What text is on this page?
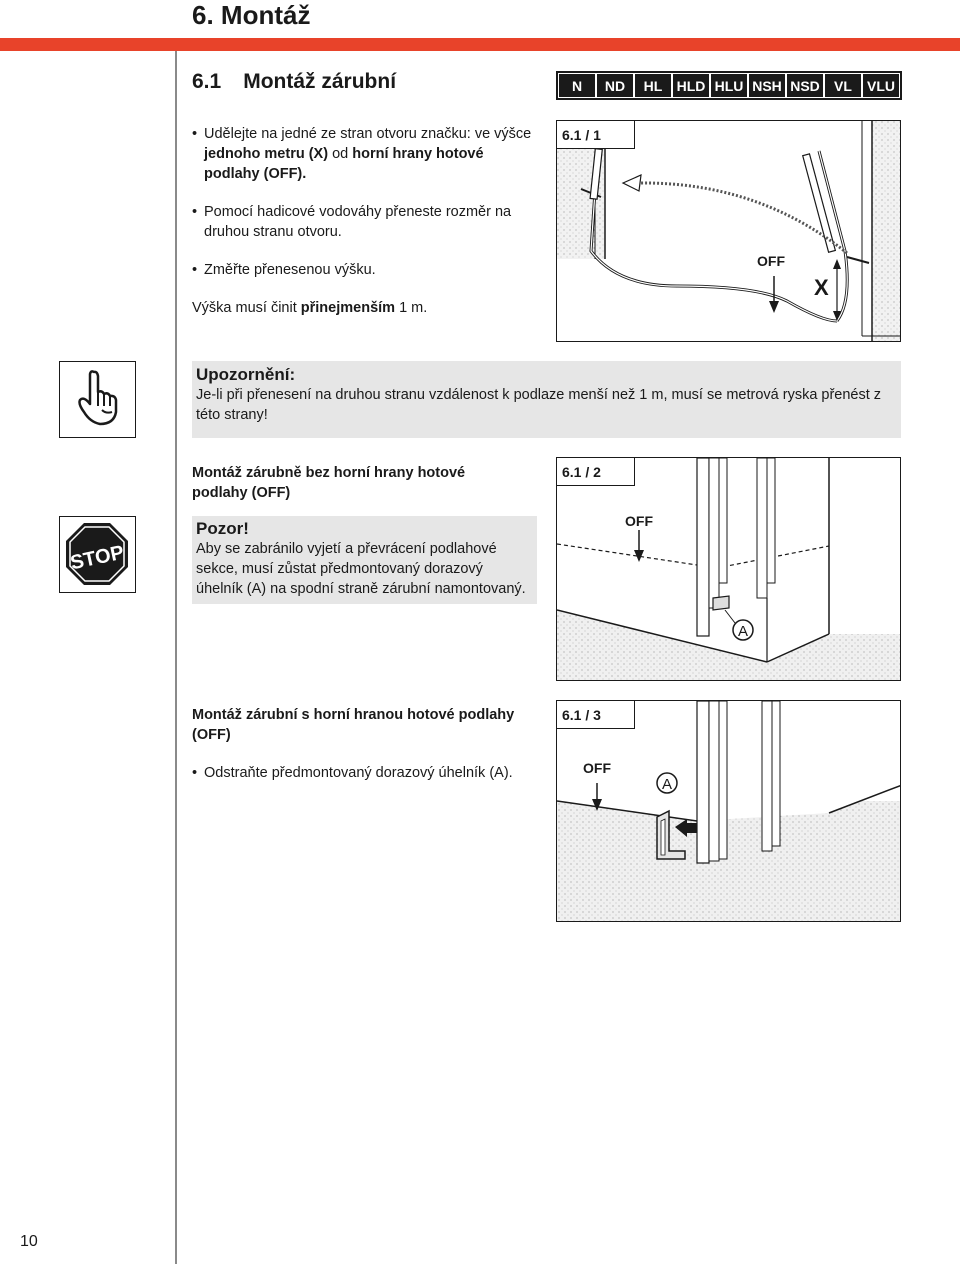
6. Montáž
6.1 Montáž zárubní	N	ND	HL	HLD HLU NSH NSD	VL	VLU
• Udělejte na jedné ze stran otvoru značku: ve výšce jednoho metru (X) od horní hrany hotové podlahy (OFF).
• Pomocí hadicové vodováhy přeneste rozměr na druhou stranu otvoru.
• Změřte přenesenou výšku.
Výška musí činit přinejmenším 1 m.
6.1 / 1
OFF
X
Upozornění:
Je-li při přenesení na druhou stranu vzdálenost k podlaze menší než 1 m, musí se metrová ryska přenést z této strany!
Montáž zárubně bez horní hrany hotové podlahy (OFF)
STOP
Pozor!
Aby se zabránilo vyjetí a převrácení podlahové sekce, musí zůstat předmontovaný dorazový úhelník (A) na spodní straně zárubní namontovaný.
6.1 / 2
OFF
A
Montáž zárubní s horní hranou hotové podlahy (OFF)
• Odstraňte předmontovaný dorazový úhelník (A).
6.1 / 3
OFF
A
10
